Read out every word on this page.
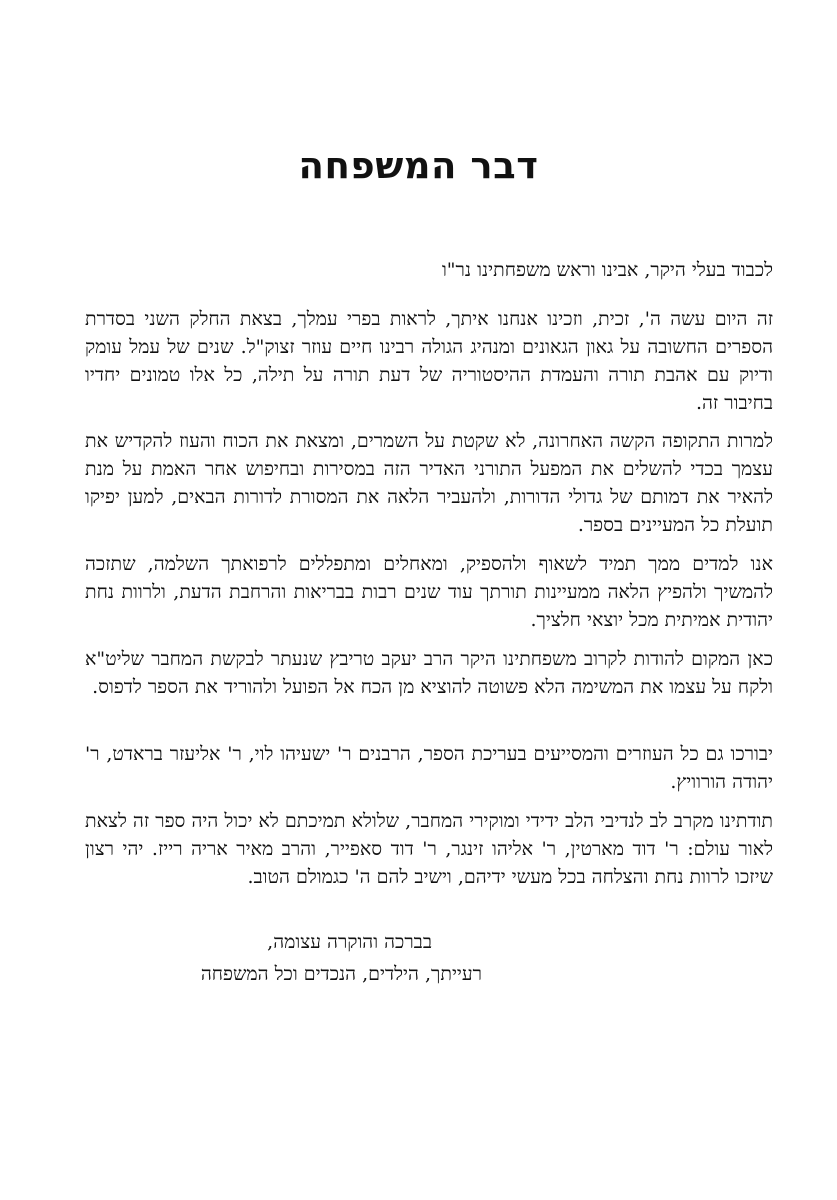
דבר המשפחה

לכבוד בעלי היקר, אבינו וראש משפחתינו נר"ו

זה היום עשה ה', זכית, וזכינו אנחנו איתך, לראות בפרי עמלך, בצאת החלק השני בסדרת הספרים החשובה על גאון הגאונים ומנהיג הגולה רבינו חיים עוזר זצוק"ל. שנים של עמל עומק ודיוק עם אהבת תורה והעמדת ההיסטוריה של דעת תורה על תילה, כל אלו טמונים יחדיו בחיבור זה.

למרות התקופה הקשה האחרונה, לא שקטת על השמרים, ומצאת את הכוח והעוז להקדיש את עצמך בכדי להשלים את המפעל התורני האדיר הזה במסירות ובחיפוש אחר האמת על מנת להאיר את דמותם של גדולי הדורות, ולהעביר הלאה את המסורת לדורות הבאים, למען יפיקו תועלת כל המעיינים בספר.

אנו למדים ממך תמיד לשאוף ולהספיק, ומאחלים ומתפללים לרפואתך השלמה, שתזכה להמשיך ולהפיץ הלאה ממעיינות תורתך עוד שנים רבות בבריאות והרחבת הדעת, ולרוות נחת יהודית אמיתית מכל יוצאי חלציך.

כאן המקום להודות לקרוב משפחתינו היקר הרב יעקב טריבץ שנעתר לבקשת המחבר שליט"א ולקח על עצמו את המשימה הלא פשוטה להוציא מן הכח אל הפועל ולהוריד את הספר לדפוס.

יבורכו גם כל העוזרים והמסייעים בעריכת הספר, הרבנים ר' ישעיהו לוי, ר' אליעזר בראדט, ר' יהודה הורוויץ.

תודתינו מקרב לב לנדיבי הלב ידידי ומוקירי המחבר, שלולא תמיכתם לא יכול היה ספר זה לצאת לאור עולם: ר' דוד מארטין, ר' אליהו זינגר, ר' דוד סאפייר, והרב מאיר אריה רייז. יהי רצון שיזכו לרוות נחת והצלחה בכל מעשי ידיהם, וישיב להם ה' כגמולם הטוב.

בברכה והוקרה עצומה,

רעייתך, הילדים, הנכדים וכל המשפחה
